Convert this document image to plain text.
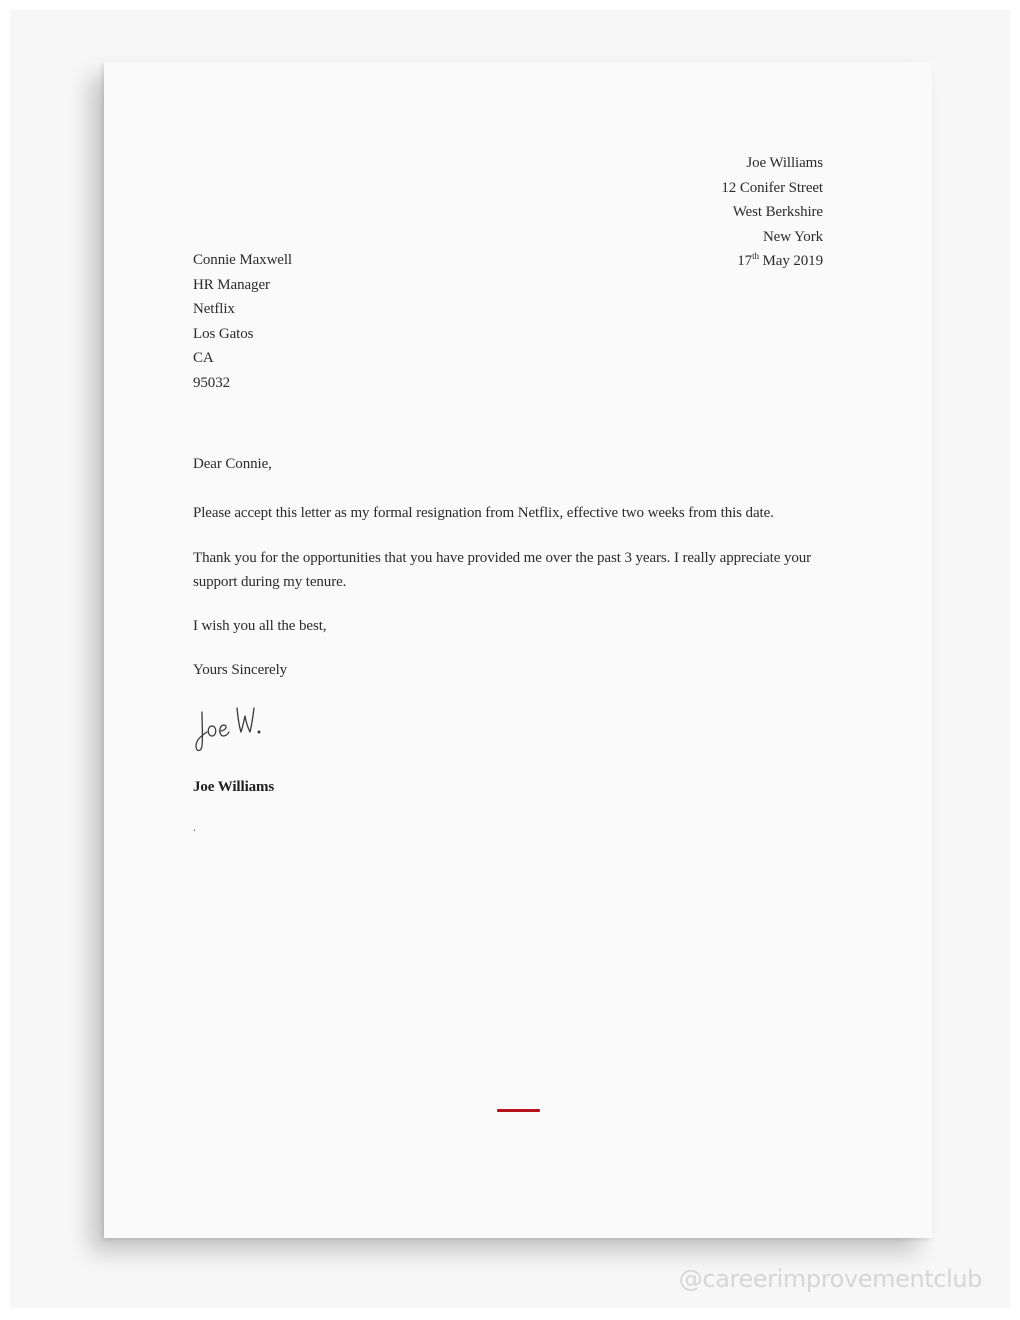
Joe Williams
12 Conifer Street
West Berkshire
New York
17th May 2019
Connie Maxwell
HR Manager
Netflix
Los Gatos
CA
95032

Dear Connie,

Please accept this letter as my formal resignation from Netflix, effective two weeks from this date.

Thank you for the opportunities that you have provided me over the past 3 years. I really appreciate your support during my tenure.

I wish you all the best,

Yours Sincerely

Joe Williams
.
@careerimprovementclub
